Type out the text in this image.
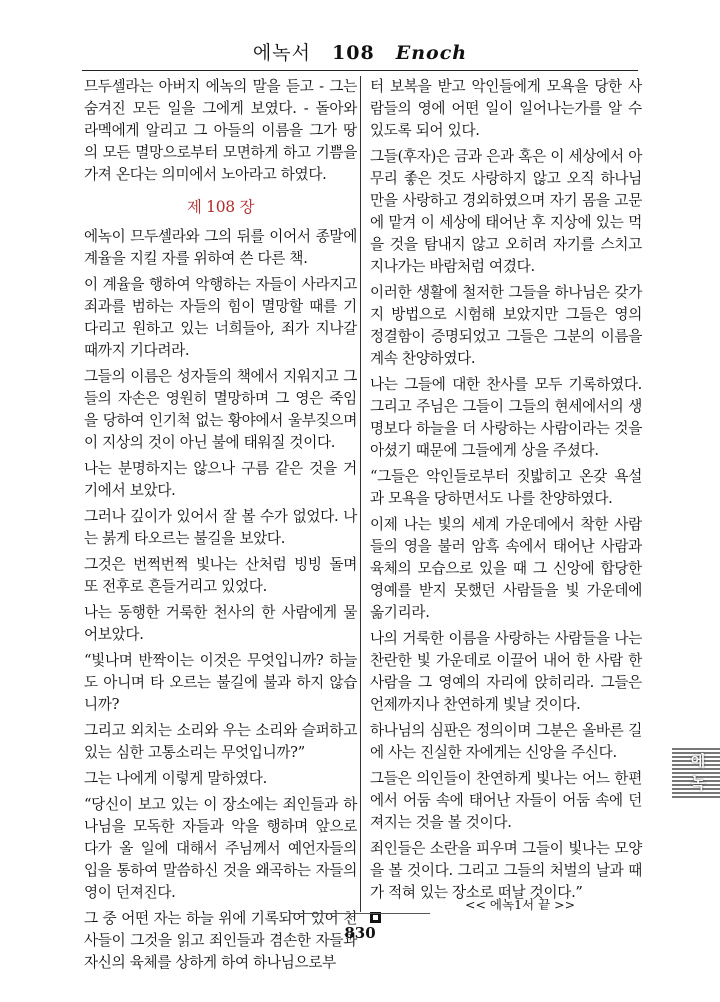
에녹서 108 Enoch

므두셀라는 아버지 에녹의 말을 듣고 - 그는 숨겨진 모든 일을 그에게 보였다. - 돌아와 라멕에게 알리고 그 아들의 이름을 그가 땅의 모든 멸망으로부터 모면하게 하고 기쁨을 가져 온다는 의미에서 노아라고 하였다.

제 108 장

에녹이 므두셀라와 그의 뒤를 이어서 종말에 계율을 지킬 자를 위하여 쓴 다른 책.

이 계율을 행하여 악행하는 자들이 사라지고 죄과를 범하는 자들의 힘이 멸망할 때를 기다리고 원하고 있는 너희들아, 죄가 지나갈 때까지 기다려라.

그들의 이름은 성자들의 책에서 지워지고 그들의 자손은 영원히 멸망하며 그 영은 죽임을 당하여 인기척 없는 황야에서 울부짖으며 이 지상의 것이 아닌 불에 태워질 것이다.

나는 분명하지는 않으나 구름 같은 것을 거기에서 보았다.

그러나 깊이가 있어서 잘 볼 수가 없었다. 나는 붉게 타오르는 불길을 보았다.

그것은 번쩍번쩍 빛나는 산처럼 빙빙 돌며 또 전후로 흔들거리고 있었다.

나는 동행한 거룩한 천사의 한 사람에게 물어보았다.

“빛나며 반짝이는 이것은 무엇입니까? 하늘도 아니며 타 오르는 불길에 불과 하지 않습니까?

그리고 외치는 소리와 우는 소리와 슬퍼하고 있는 심한 고통소리는 무엇입니까?”

그는 나에게 이렇게 말하였다.

“당신이 보고 있는 이 장소에는 죄인들과 하나님을 모독한 자들과 악을 행하며 앞으로 다가 올 일에 대해서 주님께서 예언자들의 입을 통하여 말씀하신 것을 왜곡하는 자들의 영이 던져진다.

그 중 어떤 자는 하늘 위에 기록되어 있어 천사들이 그것을 읽고 죄인들과 겸손한 자들과 자신의 육체를 상하게 하여 하나님으로부

터 보복을 받고 악인들에게 모욕을 당한 사람들의 영에 어떤 일이 일어나는가를 알 수 있도록 되어 있다.

그들(후자)은 금과 은과 혹은 이 세상에서 아무리 좋은 것도 사랑하지 않고 오직 하나님만을 사랑하고 경외하였으며 자기 몸을 고문에 맡겨 이 세상에 태어난 후 지상에 있는 먹을 것을 탐내지 않고 오히려 자기를 스치고 지나가는 바람처럼 여겼다.

이러한 생활에 철저한 그들을 하나님은 갖가지 방법으로 시험해 보았지만 그들은 영의 정결함이 증명되었고 그들은 그분의 이름을 계속 찬양하였다.

나는 그들에 대한 찬사를 모두 기록하였다. 그리고 주님은 그들이 그들의 현세에서의 생명보다 하늘을 더 사랑하는 사람이라는 것을 아셨기 때문에 그들에게 상을 주셨다.

“그들은 악인들로부터 짓밟히고 온갖 욕설과 모욕을 당하면서도 나를 찬양하였다.

이제 나는 빛의 세계 가운데에서 착한 사람들의 영을 불러 암흑 속에서 태어난 사람과 육체의 모습으로 있을 때 그 신앙에 합당한 영예를 받지 못했던 사람들을 빛 가운데에 옮기리라.

나의 거룩한 이름을 사랑하는 사람들을 나는 찬란한 빛 가운데로 이끌어 내어 한 사람 한 사람을 그 영예의 자리에 앉히리라. 그들은 언제까지나 찬연하게 빛날 것이다.

하나님의 심판은 정의이며 그분은 올바른 길에 사는 진실한 자에게는 신앙을 주신다.

그들은 의인들이 찬연하게 빛나는 어느 한편에서 어둠 속에 태어난 자들이 어둠 속에 던져지는 것을 볼 것이다.

죄인들은 소란을 피우며 그들이 빛나는 모양을 볼 것이다. 그리고 그들의 처벌의 날과 때가 적혀 있는 장소로 떠날 것이다.”

<< 에녹1서 끝 >>
830
에녹
